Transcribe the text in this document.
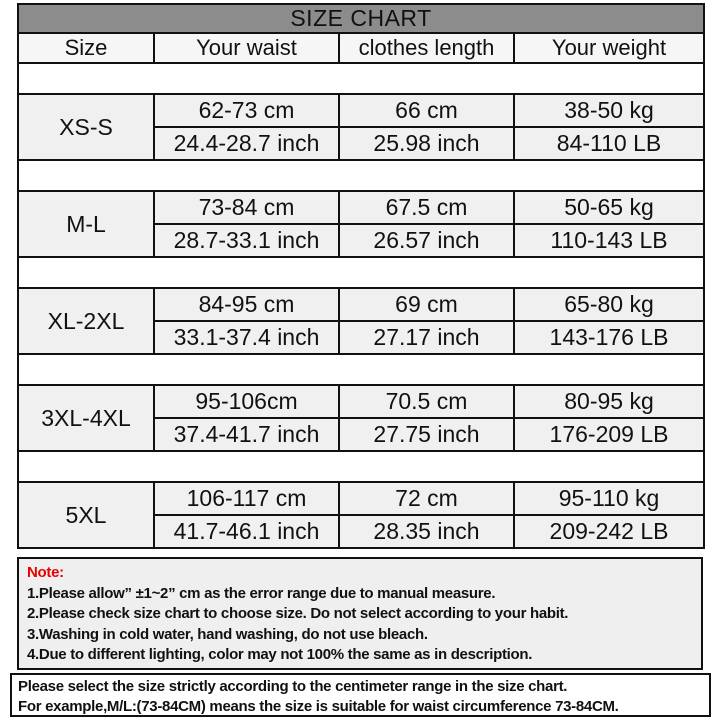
SIZE CHART			
Size	Your waist	clothes length	Your weight

XS-S	62-73 cm	66 cm	38-50 kg
	24.4-28.7 inch	25.98 inch	84-110 LB

M-L	73-84 cm	67.5 cm	50-65 kg
	28.7-33.1 inch	26.57 inch	110-143 LB

XL-2XL	84-95 cm	69 cm	65-80 kg
	33.1-37.4 inch	27.17 inch	143-176 LB

3XL-4XL	95-106cm	70.5 cm	80-95 kg
	37.4-41.7 inch	27.75 inch	176-209 LB

5XL	106-117 cm	72 cm	95-110 kg
	41.7-46.1 inch	28.35 inch	209-242 LB
Note:
1.Please allow” ±1~2” cm as the error range due to manual measure.
2.Please check size chart to choose size. Do not select according to your habit.
3.Washing in cold water, hand washing, do not use bleach.
4.Due to different lighting, color may not 100% the same as in description.
Please select the size strictly according to the centimeter range in the size chart.
For example,M/L:(73-84CM) means the size is suitable for waist circumference 73-84CM.
